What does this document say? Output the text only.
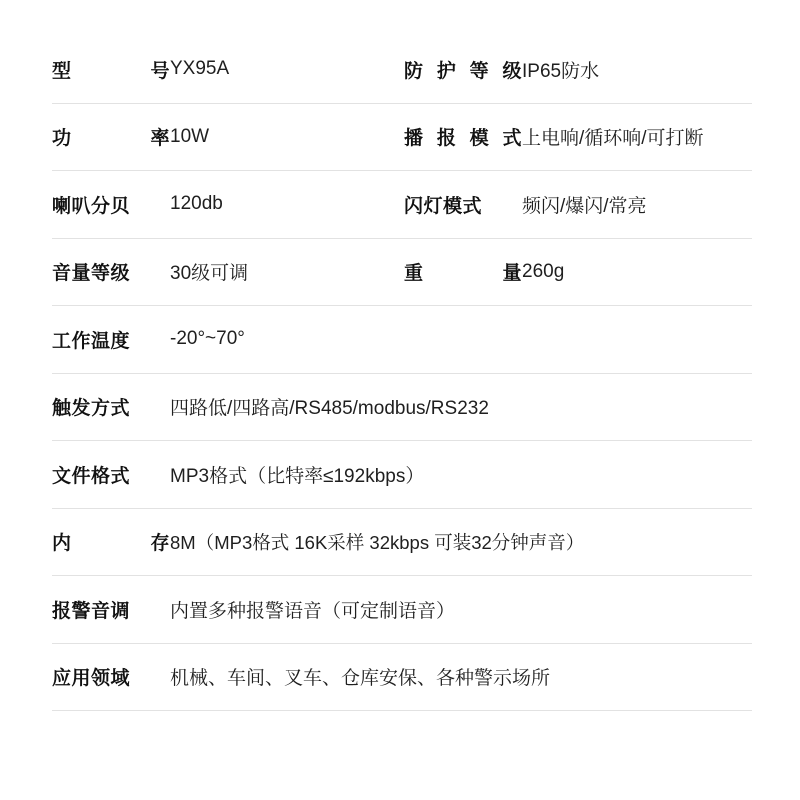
型　　号 YX95A	防护等级 IP65防水
功　　率 10W	播报模式 上电响/循环响/可打断
喇叭分贝	120db	闪灯模式	频闪/爆闪/常亮
音量等级	30级可调	重　　量 260g
工作温度	-20°~70°
触发方式	四路低/四路高/RS485/modbus/RS232
文件格式	MP3格式（比特率≤192kbps）
内　　存 8M（MP3格式 16K采样 32kbps 可装32分钟声音）
报警音调	内置多种报警语音（可定制语音）
应用领域	机械、车间、叉车、仓库安保、各种警示场所
